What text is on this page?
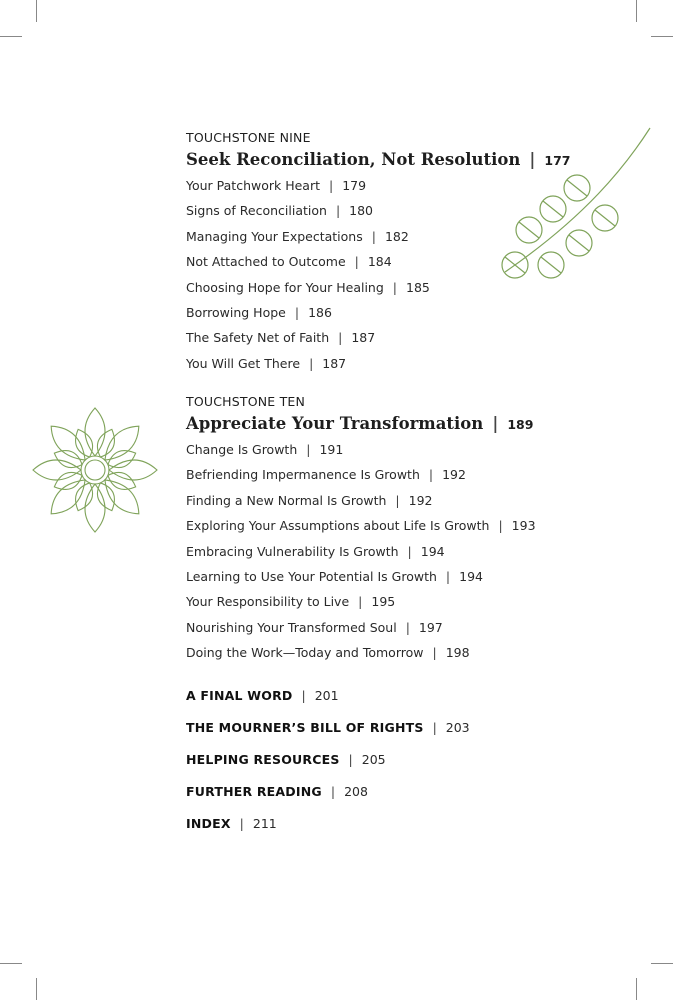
TOUCHSTONE NINE

Seek Reconciliation, Not Resolution | 177
Your Patchwork Heart | 179
Signs of Reconciliation | 180
Managing Your Expectations | 182
Not Attached to Outcome | 184
Choosing Hope for Your Healing | 185
Borrowing Hope | 186
The Safety Net of Faith | 187
You Will Get There | 187

TOUCHSTONE TEN

Appreciate Your Transformation | 189
Change Is Growth | 191
Befriending Impermanence Is Growth | 192
Finding a New Normal Is Growth | 192
Exploring Your Assumptions about Life Is Growth | 193
Embracing Vulnerability Is Growth | 194
Learning to Use Your Potential Is Growth | 194
Your Responsibility to Live | 195
Nourishing Your Transformed Soul | 197
Doing the Work—Today and Tomorrow | 198
A FINAL WORD | 201
THE MOURNER’S BILL OF RIGHTS | 203
HELPING RESOURCES | 205
FURTHER READING | 208
INDEX | 211
